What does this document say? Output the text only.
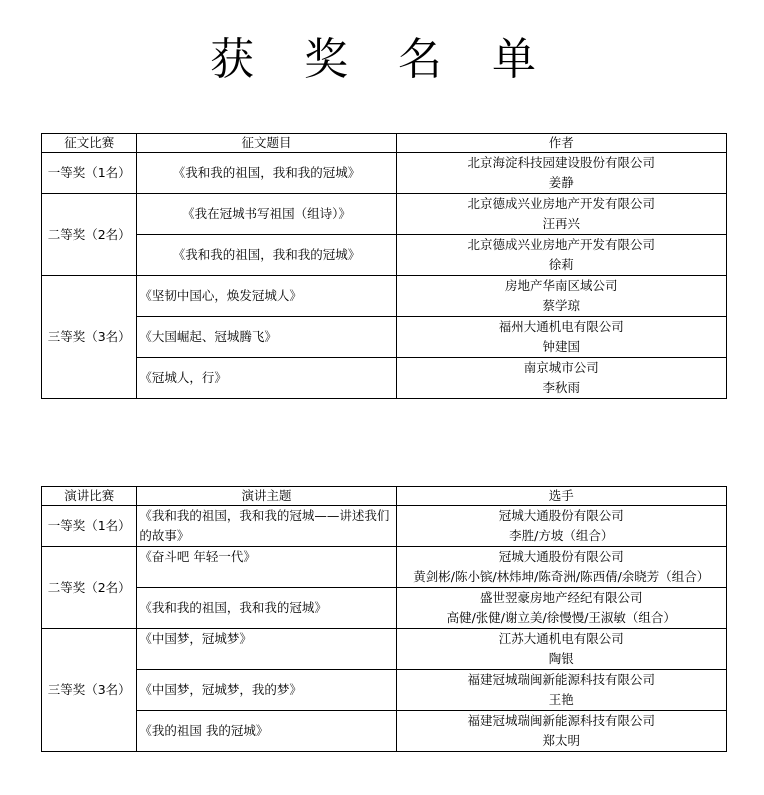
获 奖 名 单
征文比赛	征文题目	作者
一等奖（1名）	《我和我的祖国，我和我的冠城》	北京海淀科技园建设股份有限公司
姜静

二等奖（2名）	《我在冠城书写祖国（组诗）》	北京德成兴业房地产开发有限公司
汪再兴

	《我和我的祖国，我和我的冠城》	北京德成兴业房地产开发有限公司
徐莉

三等奖（3名）	《坚韧中国心，焕发冠城人》	房地产华南区域公司
蔡学琼

	《大国崛起、冠城腾飞》	福州大通机电有限公司
钟建国

	《冠城人，行》	南京城市公司
李秋雨
演讲比赛	演讲主题	选手
一等奖（1名）	《我和我的祖国，我和我的冠城——讲述我们的故事》	冠城大通股份有限公司
李胜/方坡（组合）

二等奖（2名）	《奋斗吧 年轻一代》	冠城大通股份有限公司
黄剑彬/陈小镔/林炜坤/陈奇洲/陈西倩/余晓芳（组合）

	《我和我的祖国，我和我的冠城》	盛世翌豪房地产经纪有限公司
高健/张健/谢立美/徐慢慢/王淑敏（组合）

三等奖（3名）	《中国梦，冠城梦》	江苏大通机电有限公司
陶银

	《中国梦，冠城梦，我的梦》	福建冠城瑞闽新能源科技有限公司
王艳

	《我的祖国 我的冠城》	福建冠城瑞闽新能源科技有限公司
郑太明
